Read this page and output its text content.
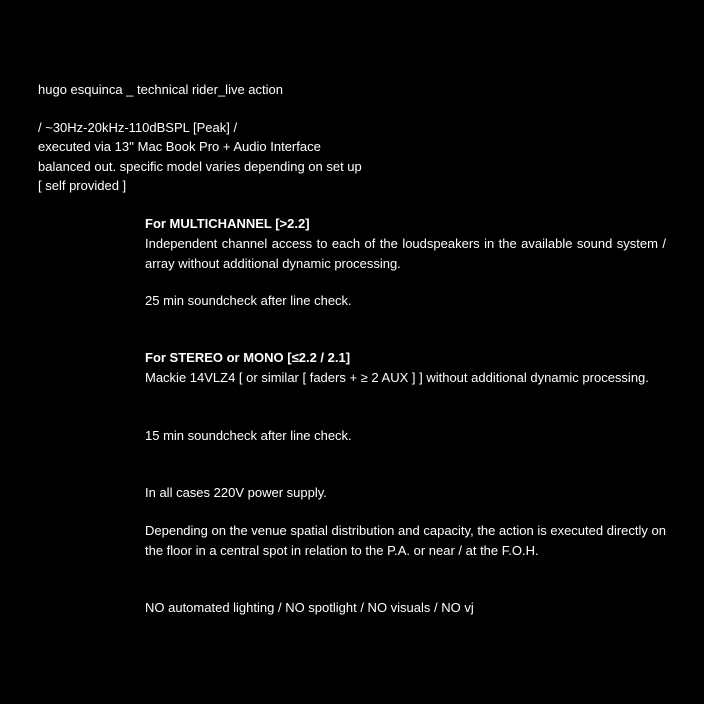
hugo esquinca _ technical rider_live action

/ ~30Hz-20kHz-110dBSPL [Peak] /

executed via 13'' Mac Book Pro + Audio Interface

balanced out. specific model varies depending on set up

[ self provided ]

For MULTICHANNEL [>2.2]

Independent channel access to each of the loudspeakers in the available sound system / array without additional dynamic processing.

25 min soundcheck after line check.

For STEREO or MONO [≤2.2 / 2.1]

Mackie 14VLZ4 [ or similar [ faders + ≥ 2 AUX ] ] without additional dynamic processing.

15 min soundcheck after line check.

In all cases 220V power supply.

Depending on the venue spatial distribution and capacity, the action is executed directly on the floor in a central spot in relation to the P.A. or near / at the F.O.H.

NO automated lighting / NO spotlight / NO visuals / NO vj
